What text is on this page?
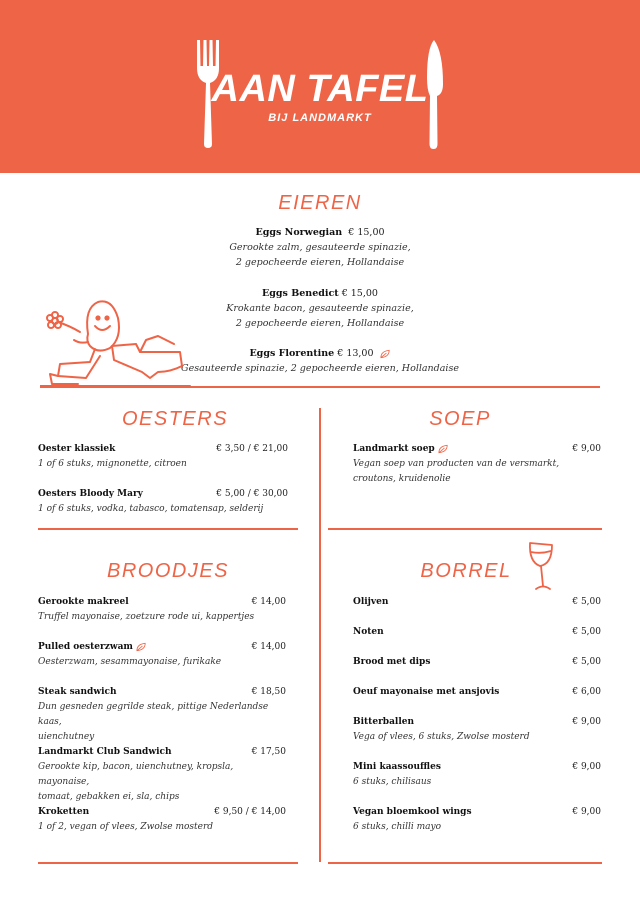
AAN TAFEL
BIJ LANDMARKT
EIEREN
Eggs Norwegian € 15,00
Gerookte zalm, gesauteerde spinazie,
2 gepocheerde eieren, Hollandaise
Eggs Benedict € 15,00
Krokante bacon, gesauteerde spinazie,
2 gepocheerde eieren, Hollandaise
Eggs Florentine € 13,00
Gesauteerde spinazie, 2 gepocheerde eieren, Hollandaise
OESTERS
Oester klassiek	€ 3,50 / € 21,00
1 of 6 stuks, mignonette, citroen
Oesters Bloody Mary	€ 5,00 / € 30,00
1 of 6 stuks, vodka, tabasco, tomatensap, selderij
SOEP
Landmarkt soep	€ 9,00
Vegan soep van producten van de versmarkt,
croutons, kruidenolie
BROODJES
Gerookte makreel	€ 14,00
Truffel mayonaise, zoetzure rode ui, kappertjes
Pulled oesterzwam	€ 14,00
Oesterzwam, sesammayonaise, furikake
Steak sandwich	€ 18,50
Dun gesneden gegrilde steak, pittige Nederlandse kaas,
uienchutney
Landmarkt Club Sandwich	€ 17,50
Gerookte kip, bacon, uienchutney, kropsla, mayonaise,
tomaat, gebakken ei, sla, chips
Kroketten	€ 9,50 / € 14,00
1 of 2, vegan of vlees, Zwolse mosterd
BORREL
Olijven	€ 5,00
Noten	€ 5,00
Brood met dips	€ 5,00
Oeuf mayonaise met ansjovis	€ 6,00
Bitterballen	€ 9,00
Vega of vlees, 6 stuks, Zwolse mosterd
Mini kaassouffles	€ 9,00
6 stuks, chilisaus
Vegan bloemkool wings	€ 9,00
6 stuks, chilli mayo
